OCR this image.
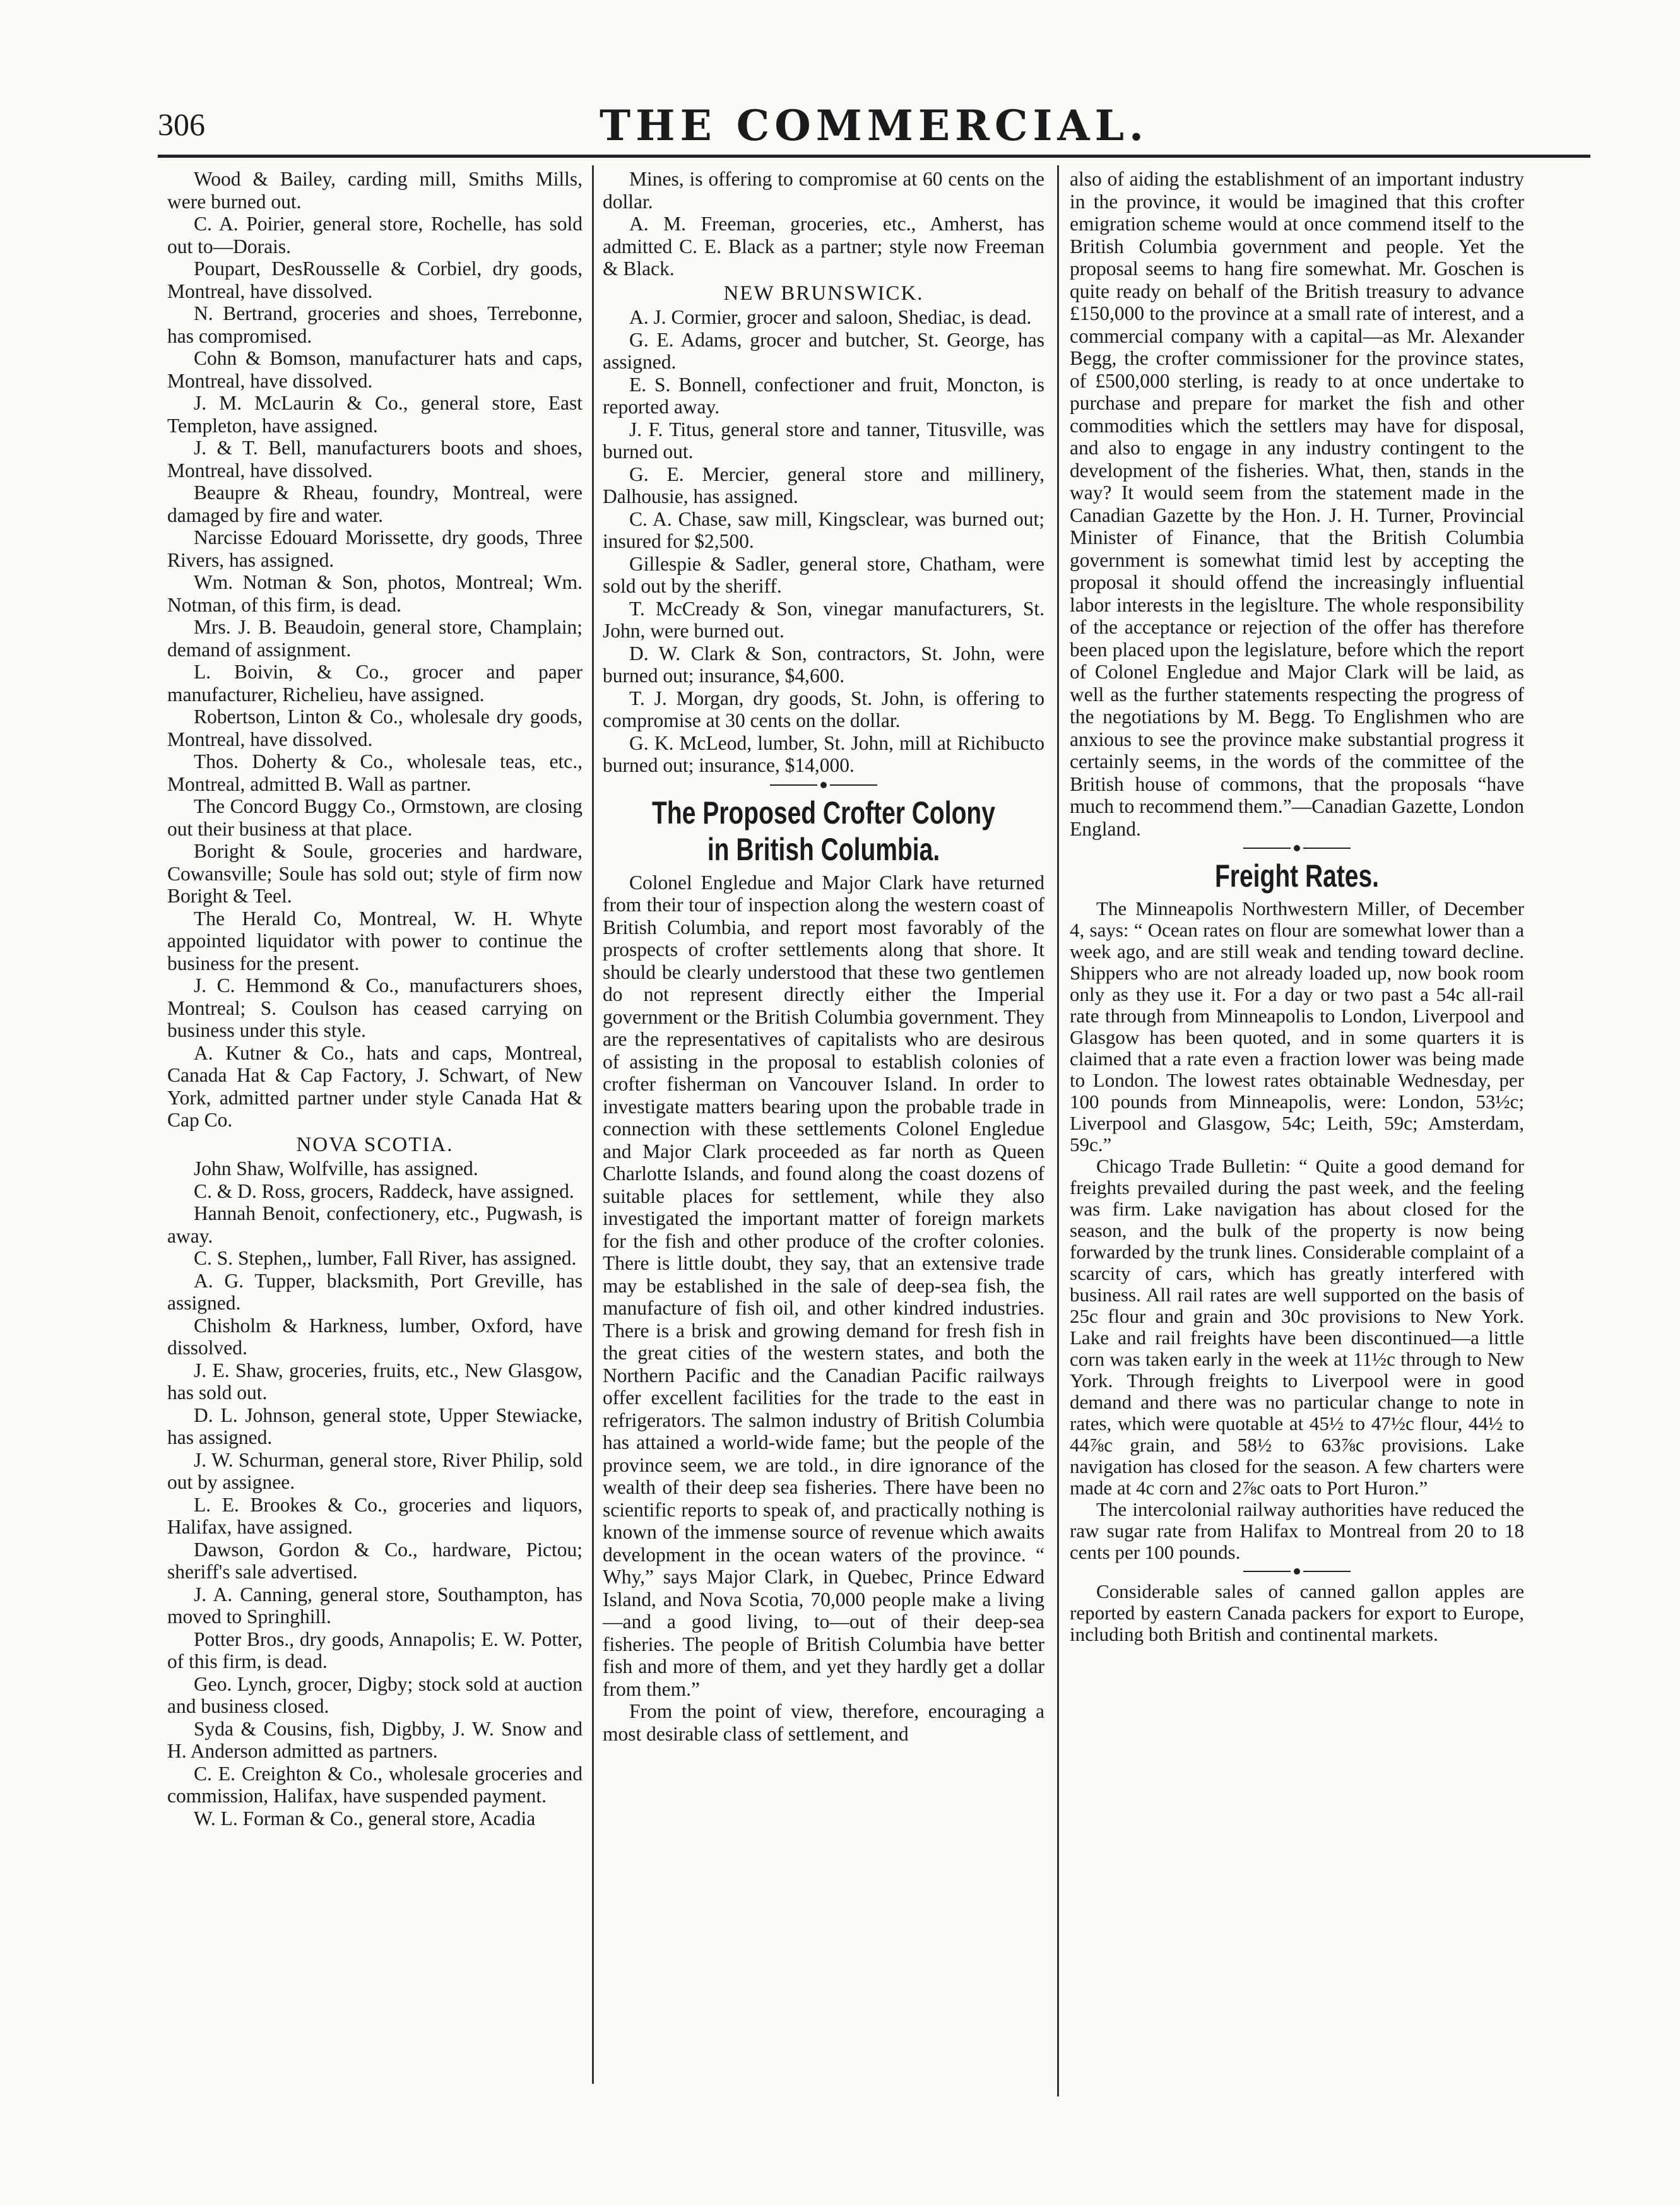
306	THE COMMERCIAL.

Wood & Bailey, carding mill, Smiths Mills, were burned out.

C. A. Poirier, general store, Rochelle, has sold out to—Dorais.

Poupart, DesRousselle & Corbiel, dry goods, Montreal, have dissolved.

N. Bertrand, groceries and shoes, Terrebonne, has compromised.

Cohn & Bomson, manufacturer hats and caps, Montreal, have dissolved.

J. M. McLaurin & Co., general store, East Templeton, have assigned.

J. & T. Bell, manufacturers boots and shoes, Montreal, have dissolved.

Beaupre & Rheau, foundry, Montreal, were damaged by fire and water.

Narcisse Edouard Morissette, dry goods, Three Rivers, has assigned.

Wm. Notman & Son, photos, Montreal; Wm. Notman, of this firm, is dead.

Mrs. J. B. Beaudoin, general store, Champlain; demand of assignment.

L. Boivin, & Co., grocer and paper manufacturer, Richelieu, have assigned.

Robertson, Linton & Co., wholesale dry goods, Montreal, have dissolved.

Thos. Doherty & Co., wholesale teas, etc., Montreal, admitted B. Wall as partner.

The Concord Buggy Co., Ormstown, are closing out their business at that place.

Boright & Soule, groceries and hardware, Cowansville; Soule has sold out; style of firm now Boright & Teel.

The Herald Co, Montreal, W. H. Whyte appointed liquidator with power to continue the business for the present.

J. C. Hemmond & Co., manufacturers shoes, Montreal; S. Coulson has ceased carrying on business under this style.

A. Kutner & Co., hats and caps, Montreal, Canada Hat & Cap Factory, J. Schwart, of New York, admitted partner under style Canada Hat & Cap Co.

NOVA SCOTIA.

John Shaw, Wolfville, has assigned.

C. & D. Ross, grocers, Raddeck, have assigned.

Hannah Benoit, confectionery, etc., Pugwash, is away.

C. S. Stephen,, lumber, Fall River, has assigned.

A. G. Tupper, blacksmith, Port Greville, has assigned.

Chisholm & Harkness, lumber, Oxford, have dissolved.

J. E. Shaw, groceries, fruits, etc., New Glasgow, has sold out.

D. L. Johnson, general stote, Upper Stewiacke, has assigned.

J. W. Schurman, general store, River Philip, sold out by assignee.

L. E. Brookes & Co., groceries and liquors, Halifax, have assigned.

Dawson, Gordon & Co., hardware, Pictou; sheriff's sale advertised.

J. A. Canning, general store, Southampton, has moved to Springhill.

Potter Bros., dry goods, Annapolis; E. W. Potter, of this firm, is dead.

Geo. Lynch, grocer, Digby; stock sold at auction and business closed.

Syda & Cousins, fish, Digbby, J. W. Snow and H. Anderson admitted as partners.

C. E. Creighton & Co., wholesale groceries and commission, Halifax, have suspended payment.

W. L. Forman & Co., general store, Acadia

Mines, is offering to compromise at 60 cents on the dollar.

A. M. Freeman, groceries, etc., Amherst, has admitted C. E. Black as a partner; style now Freeman & Black.

NEW BRUNSWICK.

A. J. Cormier, grocer and saloon, Shediac, is dead.

G. E. Adams, grocer and butcher, St. George, has assigned.

E. S. Bonnell, confectioner and fruit, Moncton, is reported away.

J. F. Titus, general store and tanner, Titusville, was burned out.

G. E. Mercier, general store and millinery, Dalhousie, has assigned.

C. A. Chase, saw mill, Kingsclear, was burned out; insured for $2,500.

Gillespie & Sadler, general store, Chatham, were sold out by the sheriff.

T. McCready & Son, vinegar manufacturers, St. John, were burned out.

D. W. Clark & Son, contractors, St. John, were burned out; insurance, $4,600.

T. J. Morgan, dry goods, St. John, is offering to compromise at 30 cents on the dollar.

G. K. McLeod, lumber, St. John, mill at Richibucto burned out; insurance, $14,000.

The Proposed Crofter Colony in British Columbia.

Colonel Engledue and Major Clark have returned from their tour of inspection along the western coast of British Columbia, and report most favorably of the prospects of crofter settlements along that shore. It should be clearly understood that these two gentlemen do not represent directly either the Imperial government or the British Columbia government. They are the representatives of capitalists who are desirous of assisting in the proposal to establish colonies of crofter fisherman on Vancouver Island. In order to investigate matters bearing upon the probable trade in connection with these settlements Colonel Engledue and Major Clark proceeded as far north as Queen Charlotte Islands, and found along the coast dozens of suitable places for settlement, while they also investigated the important matter of foreign markets for the fish and other produce of the crofter colonies. There is little doubt, they say, that an extensive trade may be established in the sale of deep-sea fish, the manufacture of fish oil, and other kindred industries. There is a brisk and growing demand for fresh fish in the great cities of the western states, and both the Northern Pacific and the Canadian Pacific railways offer excellent facilities for the trade to the east in refrigerators. The salmon industry of British Columbia has attained a world-wide fame; but the people of the province seem, we are told., in dire ignorance of the wealth of their deep sea fisheries. There have been no scientific reports to speak of, and practically nothing is known of the immense source of revenue which awaits development in the ocean waters of the province. “ Why,” says Major Clark, in Quebec, Prince Edward Island, and Nova Scotia, 70,000 people make a living—and a good living, to—out of their deep-sea fisheries. The people of British Columbia have better fish and more of them, and yet they hardly get a dollar from them.”

From the point of view, therefore, encouraging a most desirable class of settlement, and

also of aiding the establishment of an important industry in the province, it would be imagined that this crofter emigration scheme would at once commend itself to the British Columbia government and people. Yet the proposal seems to hang fire somewhat. Mr. Goschen is quite ready on behalf of the British treasury to advance £150,000 to the province at a small rate of interest, and a commercial company with a capital—as Mr. Alexander Begg, the crofter commissioner for the province states, of £500,000 sterling, is ready to at once undertake to purchase and prepare for market the fish and other commodities which the settlers may have for disposal, and also to engage in any industry contingent to the development of the fisheries. What, then, stands in the way? It would seem from the statement made in the Canadian Gazette by the Hon. J. H. Turner, Provincial Minister of Finance, that the British Columbia government is somewhat timid lest by accepting the proposal it should offend the increasingly influential labor interests in the legislture. The whole responsibility of the acceptance or rejection of the offer has therefore been placed upon the legislature, before which the report of Colonel Engledue and Major Clark will be laid, as well as the further statements respecting the progress of the negotiations by M. Begg. To Englishmen who are anxious to see the province make substantial progress it certainly seems, in the words of the committee of the British house of commons, that the proposals “have much to recommend them.”—Canadian Gazette, London England.

Freight Rates.

The Minneapolis Northwestern Miller, of December 4, says: “ Ocean rates on flour are somewhat lower than a week ago, and are still weak and tending toward decline. Shippers who are not already loaded up, now book room only as they use it. For a day or two past a 54c all-rail rate through from Minneapolis to London, Liverpool and Glasgow has been quoted, and in some quarters it is claimed that a rate even a fraction lower was being made to London. The lowest rates obtainable Wednesday, per 100 pounds from Minneapolis, were: London, 53½c; Liverpool and Glasgow, 54c; Leith, 59c; Amsterdam, 59c.”

Chicago Trade Bulletin: “ Quite a good demand for freights prevailed during the past week, and the feeling was firm. Lake navigation has about closed for the season, and the bulk of the property is now being forwarded by the trunk lines. Considerable complaint of a scarcity of cars, which has greatly interfered with business. All rail rates are well supported on the basis of 25c flour and grain and 30c provisions to New York. Lake and rail freights have been discontinued—a little corn was taken early in the week at 11½c through to New York. Through freights to Liverpool were in good demand and there was no particular change to note in rates, which were quotable at 45½ to 47½c flour, 44½ to 44⅞c grain, and 58½ to 63⅞c provisions. Lake navigation has closed for the season. A few charters were made at 4c corn and 2⅞c oats to Port Huron.”

The intercolonial railway authorities have reduced the raw sugar rate from Halifax to Montreal from 20 to 18 cents per 100 pounds.

Considerable sales of canned gallon apples are reported by eastern Canada packers for export to Europe, including both British and continental markets.
